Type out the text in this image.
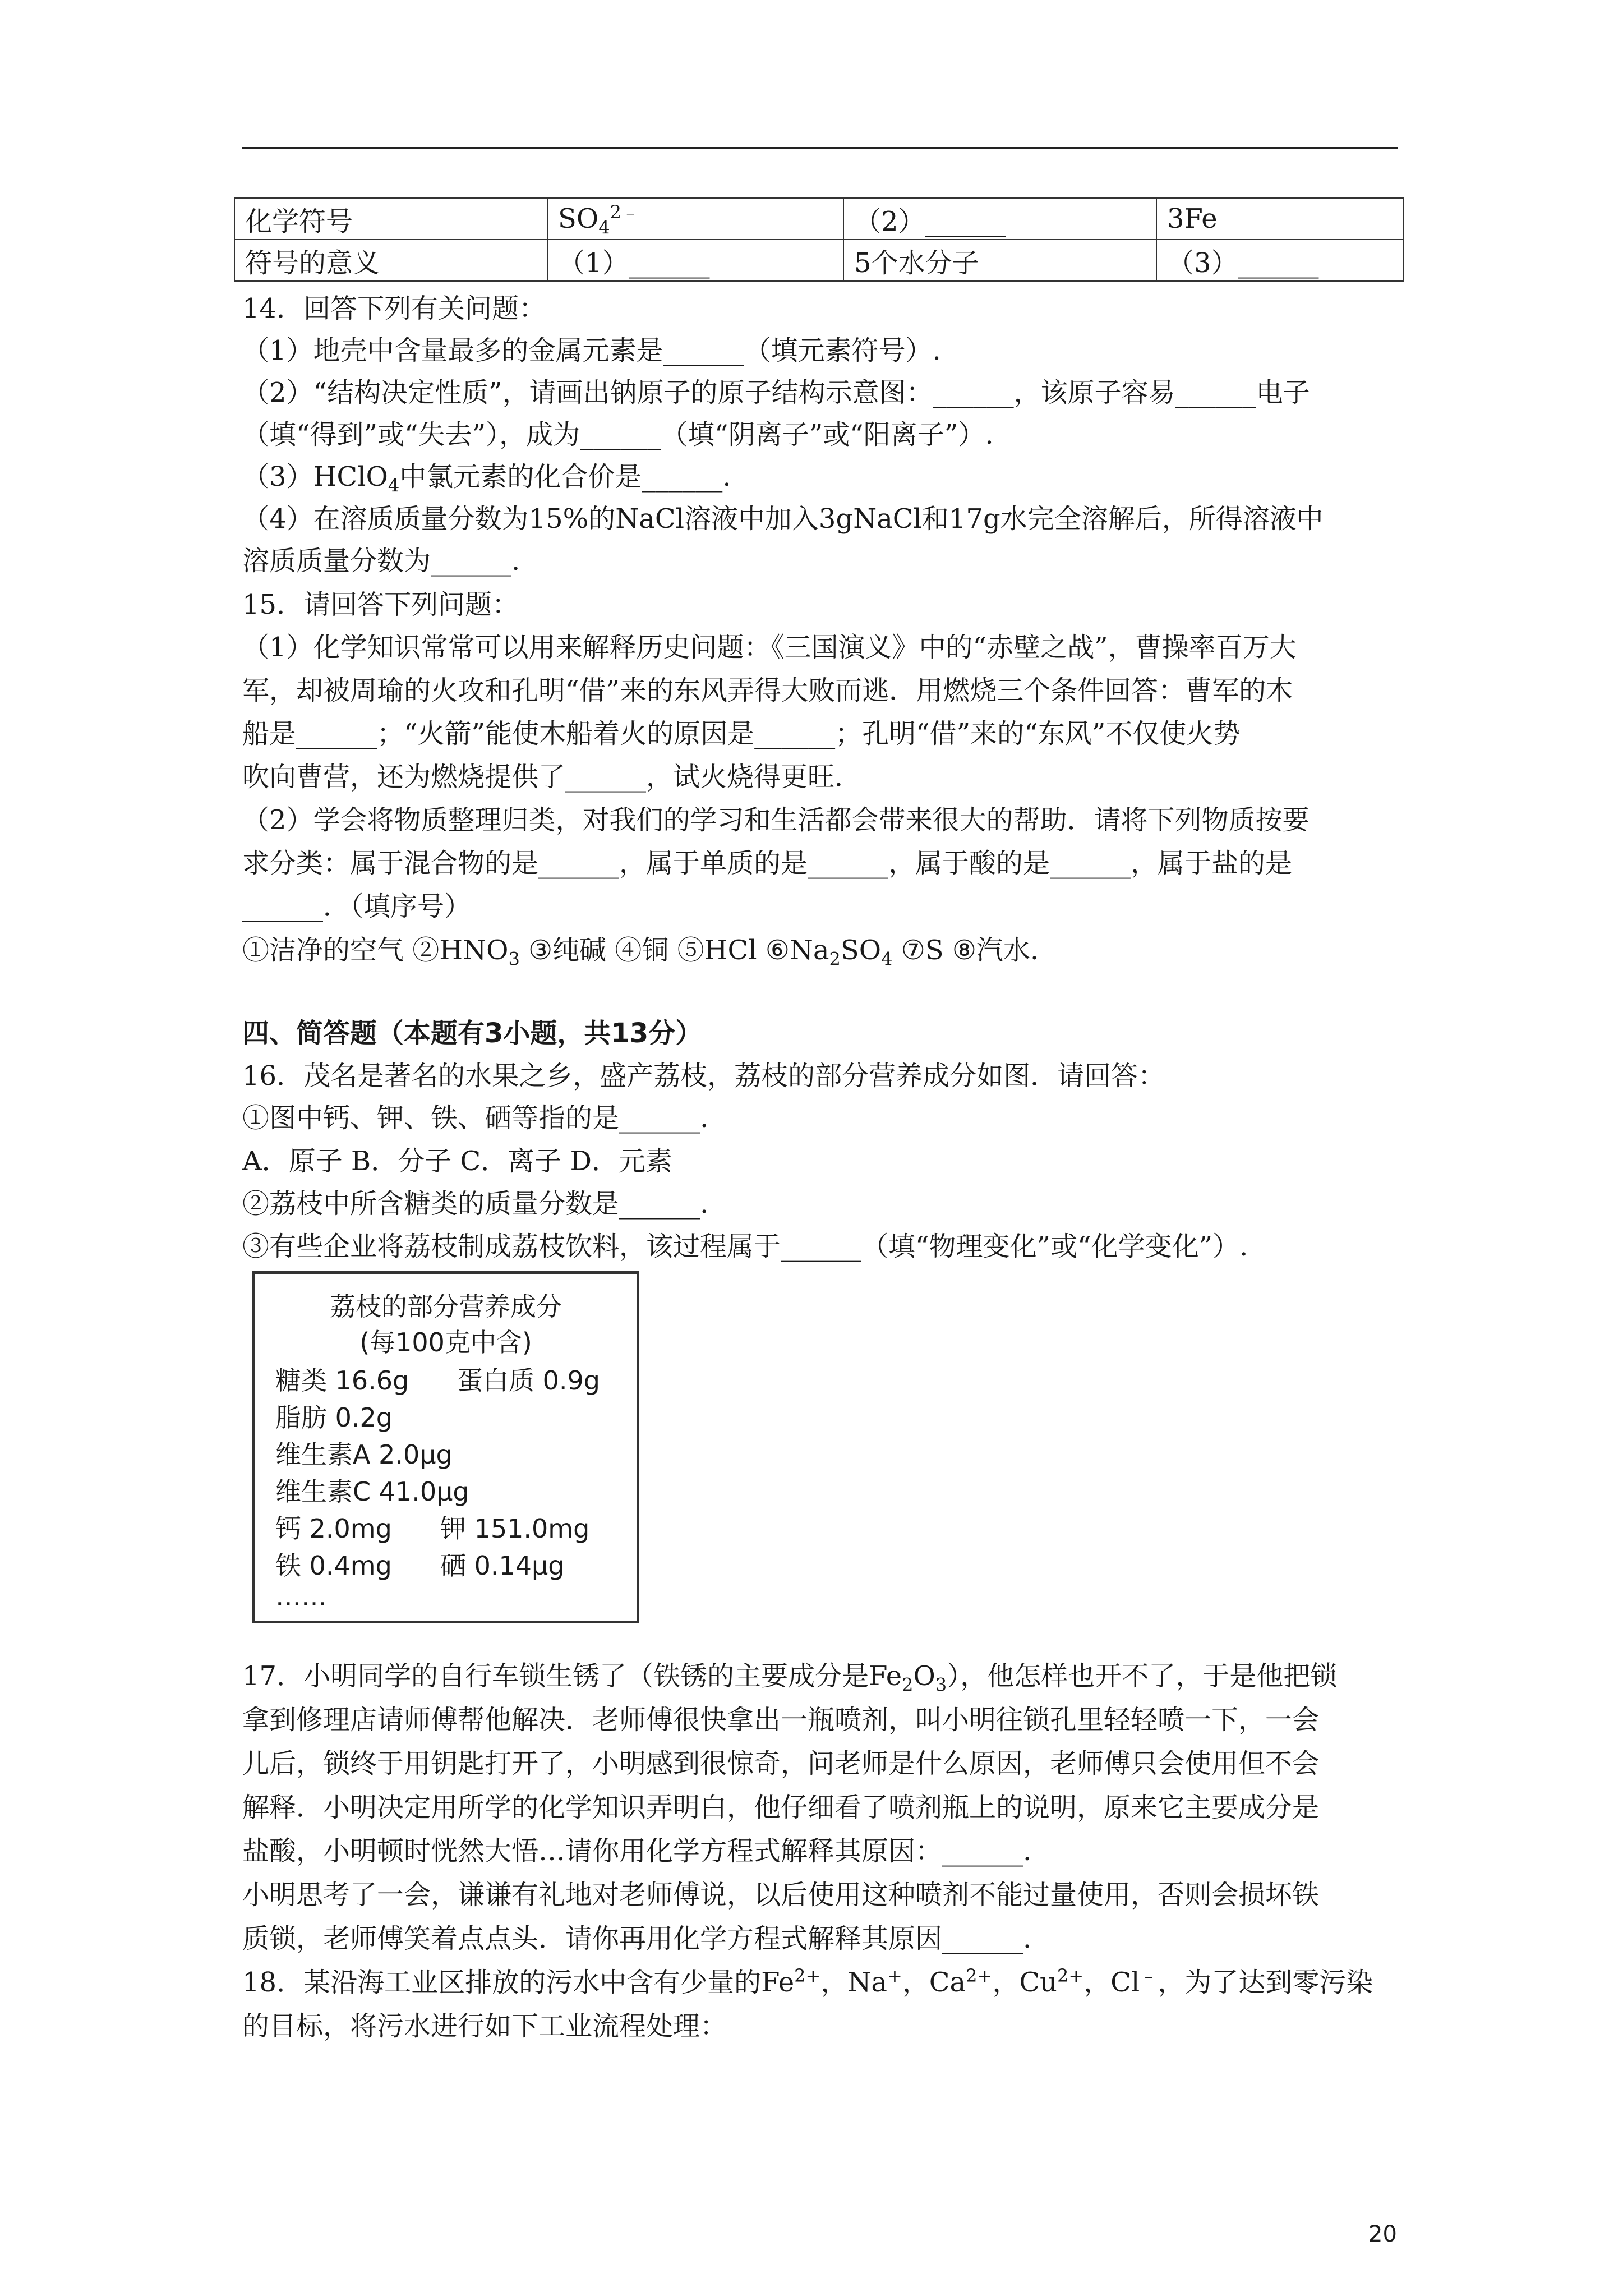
化学符号	$SO_4^{2﹣}$	（2）______	3Fe
符号的意义	（1）______	5个水分子	（3）______
14．回答下列有关问题：
（1）地壳中含量最多的金属元素是______（填元素符号）.
（2）“结构决定性质”，请画出钠原子的原子结构示意图：______，该原子容易______电子
（填“得到”或“失去”），成为______（填“阴离子”或“阳离子”）.
（3）HClO$_4$中氯元素的化合价是______.
（4）在溶质质量分数为15%的NaCl溶液中加入3gNaCl和17g水完全溶解后，所得溶液中
溶质质量分数为______.
15．请回答下列问题：
（1）化学知识常常可以用来解释历史问题：《三国演义》中的“赤壁之战”，曹操率百万大
军，却被周瑜的火攻和孔明“借”来的东风弄得大败而逃．用燃烧三个条件回答：曹军的木
船是______；“火箭”能使木船着火的原因是______；孔明“借”来的“东风”不仅使火势
吹向曹营，还为燃烧提供了______，试火烧得更旺．
（2）学会将物质整理归类，对我们的学习和生活都会带来很大的帮助．请将下列物质按要
求分类：属于混合物的是______，属于单质的是______，属于酸的是______，属于盐的是
______．（填序号）
①洁净的空气 $②HNO_3$ ③纯碱 ④铜 ⑤HCl $⑥Na_2SO_4$ ⑦S ⑧汽水.
四、简答题（本题有3小题，共13分）
16．茂名是著名的水果之乡，盛产荔枝，荔枝的部分营养成分如图．请回答：
①图中钙、钾、铁、硒等指的是______.
A．原子 B．分子 C．离子 D．元素
②荔枝中所含糖类的质量分数是______.
③有些企业将荔枝制成荔枝饮料，该过程属于______（填“物理变化”或“化学变化”）.
荔枝的部分营养成分
(每100克中含)
糖类 16.6g 蛋白质 0.9g
脂肪 0.2g
维生素A 2.0μg
维生素C 41.0μg
钙 2.0mg 钾 151.0mg
铁 0.4mg 硒 0.14μg
……
17．小明同学的自行车锁生锈了（铁锈的主要成分是$Fe_2O_3$），他怎样也开不了，于是他把锁
拿到修理店请师傅帮他解决．老师傅很快拿出一瓶喷剂，叫小明往锁孔里轻轻喷一下，一会
儿后，锁终于用钥匙打开了，小明感到很惊奇，问老师是什么原因，老师傅只会使用但不会
解释．小明决定用所学的化学知识弄明白，他仔细看了喷剂瓶上的说明，原来它主要成分是
盐酸，小明顿时恍然大悟…请你用化学方程式解释其原因：______.
小明思考了一会，谦谦有礼地对老师傅说，以后使用这种喷剂不能过量使用，否则会损坏铁
质锁，老师傅笑着点点头．请你再用化学方程式解释其原因______.
18．某沿海工业区排放的污水中含有少量的$Fe^{2+}$，Na+，$Ca^{2+}$，$Cu^{2+}$，Cl﹣，为了达到零污染
的目标，将污水进行如下工业流程处理：
20
